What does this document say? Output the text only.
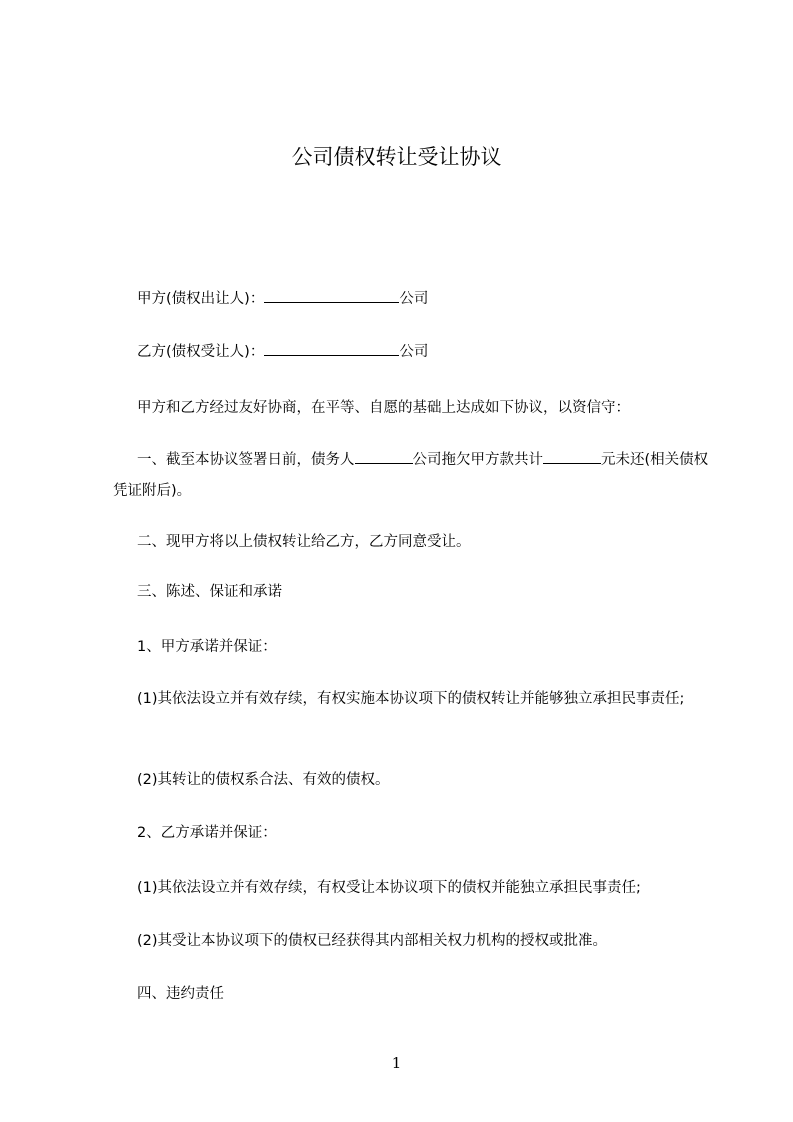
公司债权转让受让协议
甲方(债权出让人)：	公司
乙方(债权受让人)：	公司
甲方和乙方经过友好协商，在平等、自愿的基础上达成如下协议，以资信守：
一、截至本协议签署日前，债务人	公司拖欠甲方款共计	元未还(相关债权凭证附后)。
二、现甲方将以上债权转让给乙方，乙方同意受让。
三、陈述、保证和承诺
1、甲方承诺并保证：
(1)其依法设立并有效存续，有权实施本协议项下的债权转让并能够独立承担民事责任;
(2)其转让的债权系合法、有效的债权。
2、乙方承诺并保证：
(1)其依法设立并有效存续，有权受让本协议项下的债权并能独立承担民事责任;
(2)其受让本协议项下的债权已经获得其内部相关权力机构的授权或批准。
四、违约责任
1
